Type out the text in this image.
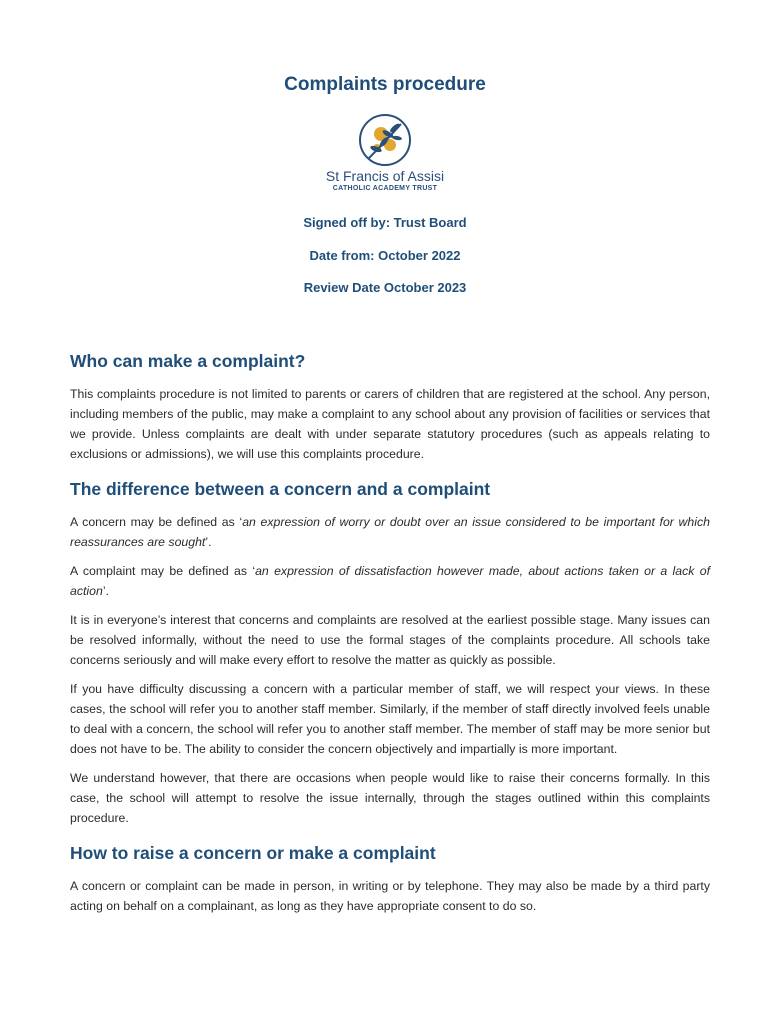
Complaints procedure
St Francis of Assisi
CATHOLIC ACADEMY TRUST
Signed off by: Trust Board
Date from: October 2022
Review Date October 2023
Who can make a complaint?

This complaints procedure is not limited to parents or carers of children that are registered at the school. Any person, including members of the public, may make a complaint to any school about any provision of facilities or services that we provide. Unless complaints are dealt with under separate statutory procedures (such as appeals relating to exclusions or admissions), we will use this complaints procedure.

The difference between a concern and a complaint

A concern may be defined as ‘an expression of worry or doubt over an issue considered to be important for which reassurances are sought’.

A complaint may be defined as ‘an expression of dissatisfaction however made, about actions taken or a lack of action’.

It is in everyone’s interest that concerns and complaints are resolved at the earliest possible stage. Many issues can be resolved informally, without the need to use the formal stages of the complaints procedure. All schools take concerns seriously and will make every effort to resolve the matter as quickly as possible.

If you have difficulty discussing a concern with a particular member of staff, we will respect your views. In these cases, the school will refer you to another staff member. Similarly, if the member of staff directly involved feels unable to deal with a concern, the school will refer you to another staff member. The member of staff may be more senior but does not have to be. The ability to consider the concern objectively and impartially is more important.

We understand however, that there are occasions when people would like to raise their concerns formally. In this case, the school will attempt to resolve the issue internally, through the stages outlined within this complaints procedure.

How to raise a concern or make a complaint

A concern or complaint can be made in person, in writing or by telephone. They may also be made by a third party acting on behalf on a complainant, as long as they have appropriate consent to do so.
